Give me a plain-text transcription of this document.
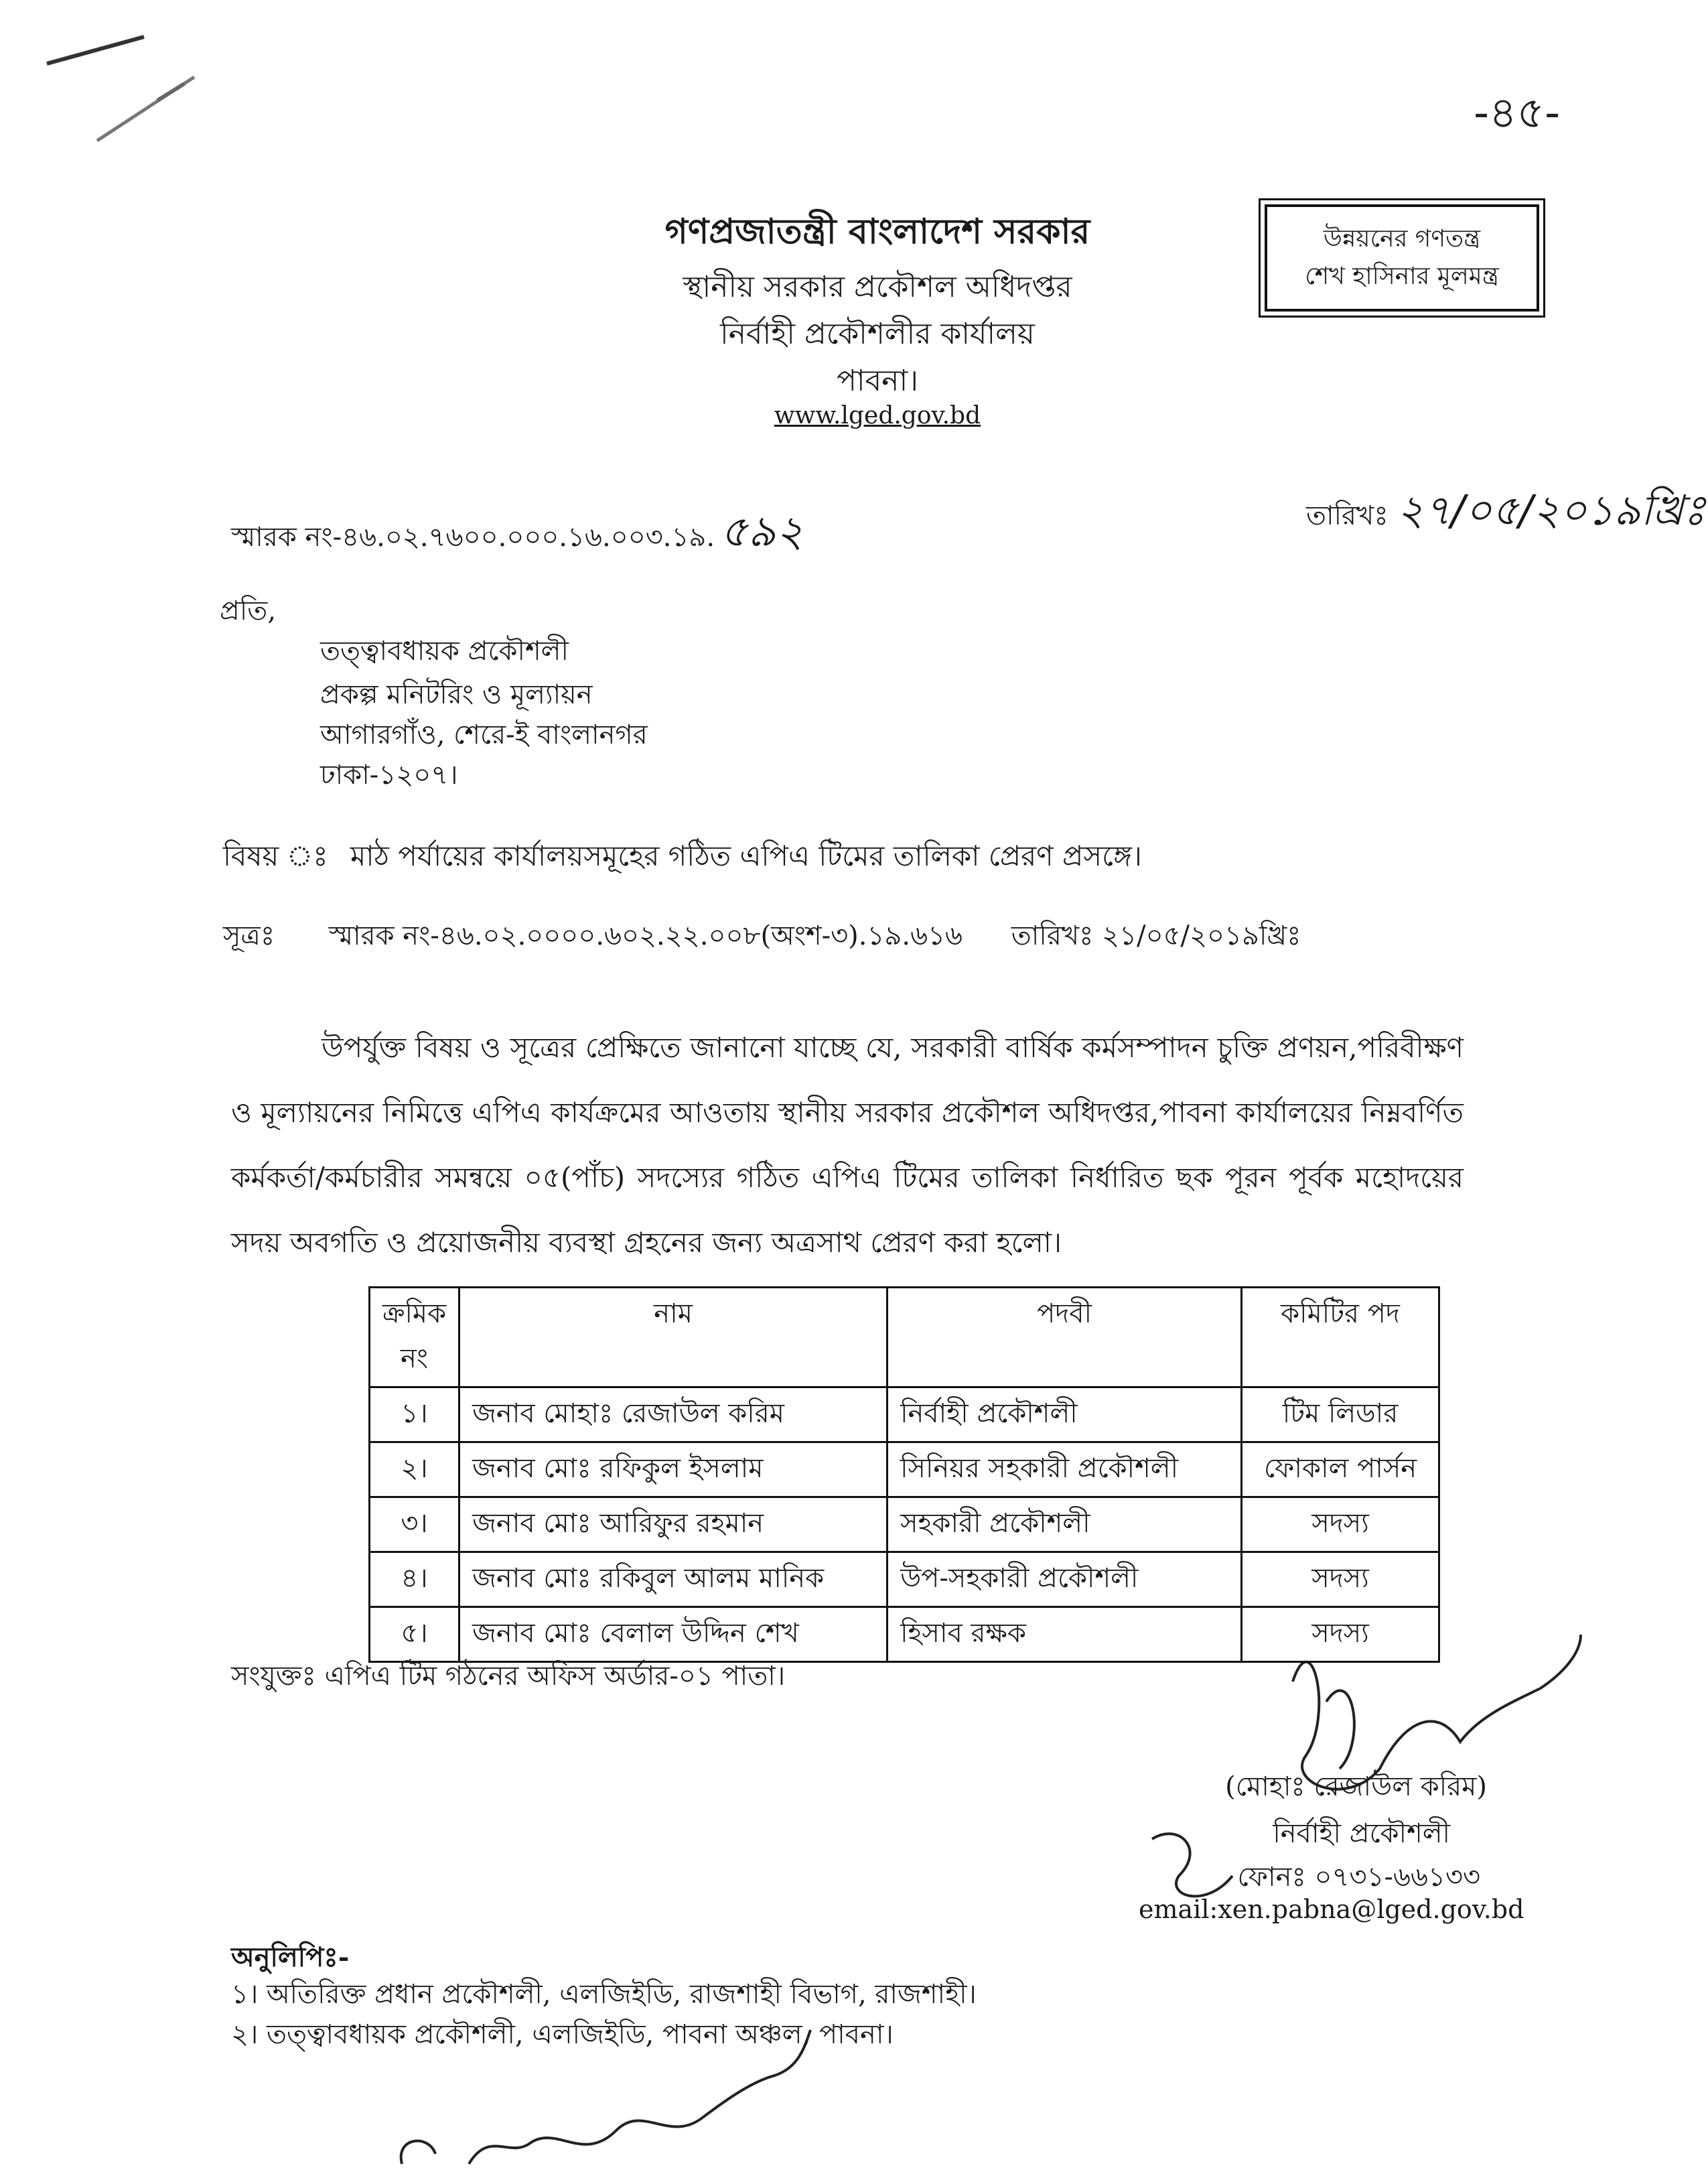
-৪৫-
গণপ্রজাতন্ত্রী বাংলাদেশ সরকার
স্থানীয় সরকার প্রকৌশল অধিদপ্তর
নির্বাহী প্রকৌশলীর কার্যালয়
পাবনা।
www.lged.gov.bd
উন্নয়নের গণতন্ত্র
শেখ হাসিনার মূলমন্ত্র
স্মারক নং-৪৬.০২.৭৬০০.০০০.১৬.০০৩.১৯. ৫৯২	তারিখঃ ২৭/০৫/২০১৯খ্রিঃ
প্রতি,
তত্ত্বাবধায়ক প্রকৌশলী
প্রকল্প মনিটরিং ও মূল্যায়ন
আগারগাঁও, শেরে-ই বাংলানগর
ঢাকা-১২০৭।
বিষয় ঃ মাঠ পর্যায়ের কার্যালয়সমূহের গঠিত এপিএ টিমের তালিকা প্রেরণ প্রসঙ্গে।
সূত্রঃ স্মারক নং-৪৬.০২.০০০০.৬০২.২২.০০৮(অংশ-৩).১৯.৬১৬ তারিখঃ ২১/০৫/২০১৯খ্রিঃ
উপর্যুক্ত বিষয় ও সূত্রের প্রেক্ষিতে জানানো যাচ্ছে যে, সরকারী বার্ষিক কর্মসম্পাদন চুক্তি প্রণয়ন,পরিবীক্ষণ ও মূল্যায়নের নিমিত্তে এপিএ কার্যক্রমের আওতায় স্থানীয় সরকার প্রকৌশল অধিদপ্তর,পাবনা কার্যালয়ের নিম্নবর্ণিত কর্মকর্তা/কর্মচারীর সমন্বয়ে ০৫(পাঁচ) সদস্যের গঠিত এপিএ টিমের তালিকা নির্ধারিত ছক পূরন পূর্বক মহোদয়ের সদয় অবগতি ও প্রয়োজনীয় ব্যবস্থা গ্রহনের জন্য অত্রসাথ প্রেরণ করা হলো।
ক্রমিক নং	নাম	পদবী	কমিটির পদ
১।	জনাব মোহাঃ রেজাউল করিম	নির্বাহী প্রকৌশলী	টিম লিডার
২।	জনাব মোঃ রফিকুল ইসলাম	সিনিয়র সহকারী প্রকৌশলী	ফোকাল পার্সন
৩।	জনাব মোঃ আরিফুর রহমান	সহকারী প্রকৌশলী	সদস্য
৪।	জনাব মোঃ রকিবুল আলম মানিক	উপ-সহকারী প্রকৌশলী	সদস্য
৫।	জনাব মোঃ বেলাল উদ্দিন শেখ	হিসাব রক্ষক	সদস্য
সংযুক্তঃ এপিএ টিম গঠনের অফিস অর্ডার-০১ পাতা।
(মোহাঃ রেজাউল করিম)
নির্বাহী প্রকৌশলী
ফোনঃ ০৭৩১-৬৬১৩৩
email:xen.pabna@lged.gov.bd
অনুলিপিঃ-
১। অতিরিক্ত প্রধান প্রকৌশলী, এলজিইডি, রাজশাহী বিভাগ, রাজশাহী।
২। তত্ত্বাবধায়ক প্রকৌশলী, এলজিইডি, পাবনা অঞ্চল, পাবনা।
